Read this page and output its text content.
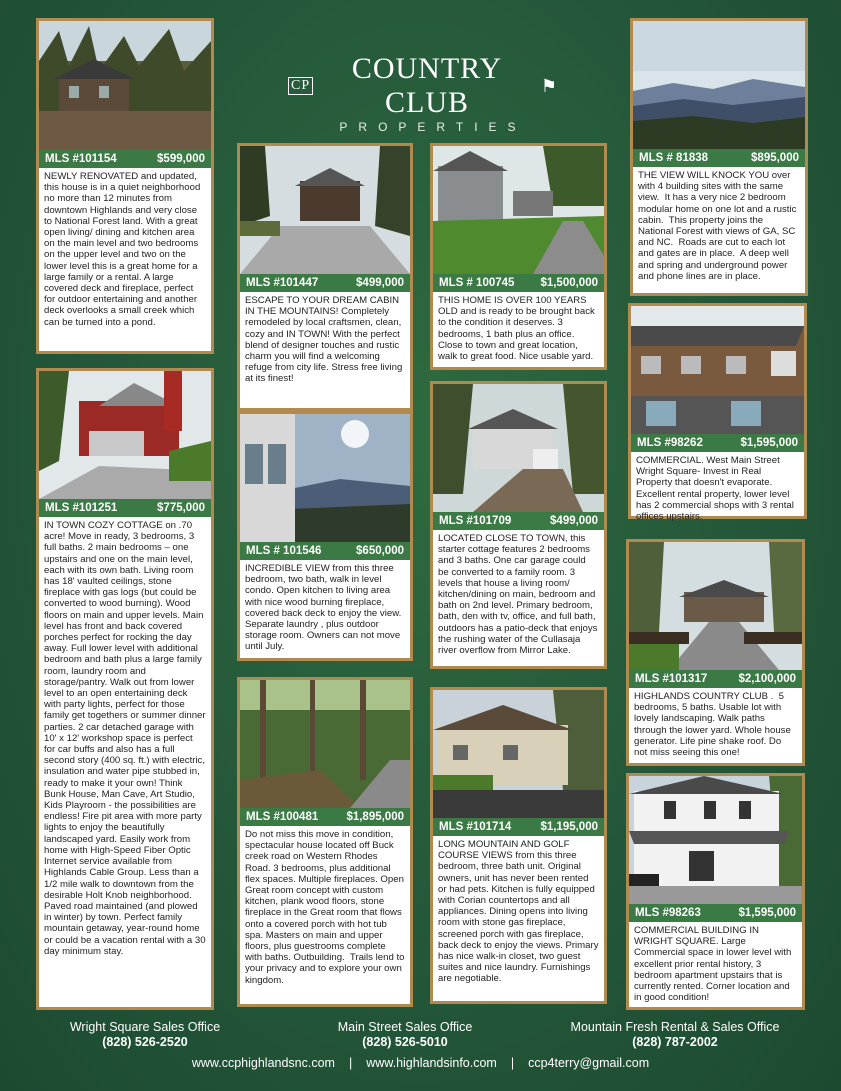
CP
COUNTRY CLUB	⚑
PROPERTIES
MLS #101154	$599,000
NEWLY RENOVATED and updated, this house is in a quiet neighborhood no more than 12 minutes from downtown Highlands and very close to National Forest land. With a great open living/ dining and kitchen area on the main level and two bedrooms on the upper level and two on the lower level this is a great home for a large family or a rental. A large covered deck and fireplace, perfect for outdoor entertaining and another deck overlooks a small creek which can be turned into a pond.
MLS #101447	$499,000
ESCAPE TO YOUR DREAM CABIN IN THE MOUNTAINS! Completely remodeled by local craftsmen, clean, cozy and IN TOWN! With the perfect blend of designer touches and rustic charm you will find a welcoming refuge from city life. Stress free living at its finest!
MLS # 100745 $1,500,000
THIS HOME IS OVER 100 YEARS OLD and is ready to be brought back to the condition it deserves. 3 bedrooms, 1 bath plus an office. Close to town and great location, walk to great food. Nice usable yard.
MLS # 81838	$895,000
THE VIEW WILL KNOCK YOU over with 4 building sites with the same view.  It has a very nice 2 bedroom modular home on one lot and a rustic cabin.  This property joins the National Forest with views of GA, SC and NC.  Roads are cut to each lot and gates are in place.  A deep well and spring and underground power and phone lines are in place.
MLS #98262	$1,595,000
COMMERCIAL. West Main Street Wright Square- Invest in Real Property that doesn't evaporate. Excellent rental property, lower level has 2 commercial shops with 3 rental offices upstairs.
MLS #101251	$775,000
IN TOWN COZY COTTAGE on .70 acre! Move in ready, 3 bedrooms, 3 full baths. 2 main bedrooms – one upstairs and one on the main level, each with its own bath. Living room has 18' vaulted ceilings, stone fireplace with gas logs (but could be converted to wood burning). Wood floors on main and upper levels. Main level has front and back covered porches perfect for rocking the day away. Full lower level with additional bedroom and bath plus a large family room, laundry room and storage/pantry. Walk out from lower level to an open entertaining deck with party lights, perfect for those family get togethers or summer dinner parties. 2 car detached garage with 10' x 12' workshop space is perfect for car buffs and also has a full second story (400 sq. ft.) with electric, insulation and water pipe stubbed in, ready to make it your own! Think Bunk House, Man Cave, Art Studio, Kids Playroom - the possibilities are endless! Fire pit area with more party lights to enjoy the beautifully landscaped yard. Easily work from home with High-Speed Fiber Optic Internet service available from Highlands Cable Group. Less than a 1/2 mile walk to downtown from the desirable Holt Knob neighborhood. Paved road maintained (and plowed in winter) by town. Perfect family mountain getaway, year-round home or could be a vacation rental with a 30 day minimum stay.
MLS # 101546	$650,000
INCREDIBLE VIEW from this three bedroom, two bath, walk in level condo. Open kitchen to living area with nice wood burning fireplace, covered back deck to enjoy the view. Separate laundry , plus outdoor storage room. Owners can not move until July.
MLS #101709	$499,000
LOCATED CLOSE TO TOWN, this starter cottage features 2 bedrooms and 3 baths. One car garage could be converted to a family room. 3 levels that house a living room/ kitchen/dining on main, bedroom and bath on 2nd level. Primary bedroom, bath, den with tv, office, and full bath, outdoors has a patio-deck that enjoys the rushing water of the Cullasaja river overflow from Mirror Lake.
MLS #101317	$2,100,000
HIGHLANDS COUNTRY CLUB .  5 bedrooms, 5 baths. Usable lot with lovely landscaping. Walk paths through the lower yard. Whole house generator. Life pine shake roof. Do not miss seeing this one!
MLS #100481 $1,895,000
Do not miss this move in condition, spectacular house located off Buck creek road on Western Rhodes Road. 3 bedrooms, plus additional flex spaces. Multiple fireplaces. Open Great room concept with custom kitchen, plank wood floors, stone fireplace in the Great room that flows onto a covered porch with hot tub spa. Masters on main and upper floors, plus guestrooms complete with baths. Outbuilding.  Trails lend to your privacy and to explore your own kingdom.
MLS #101714	$1,195,000
LONG MOUNTAIN AND GOLF COURSE VIEWS from this three bedroom, three bath unit. Original owners, unit has never been rented or had pets. Kitchen is fully equipped with Corian countertops and all appliances. Dining opens into living room with stone gas fireplace, screened porch with gas fireplace, back deck to enjoy the views. Primary has nice walk-in closet, two guest suites and nice laundry. Furnishings are negotiable.
MLS #98263	$1,595,000
COMMERCIAL BUILDING IN WRIGHT SQUARE. Large Commercial space in lower level with excellent prior rental history, 3 bedroom apartment upstairs that is currently rented. Corner location and in good condition!
Wright Square Sales Office
(828) 526-2520
Main Street Sales Office
(828) 526-5010
Mountain Fresh Rental & Sales Office
(828) 787-2002
www.ccphighlandsnc.com | www.highlandsinfo.com | ccp4terry@gmail.com
